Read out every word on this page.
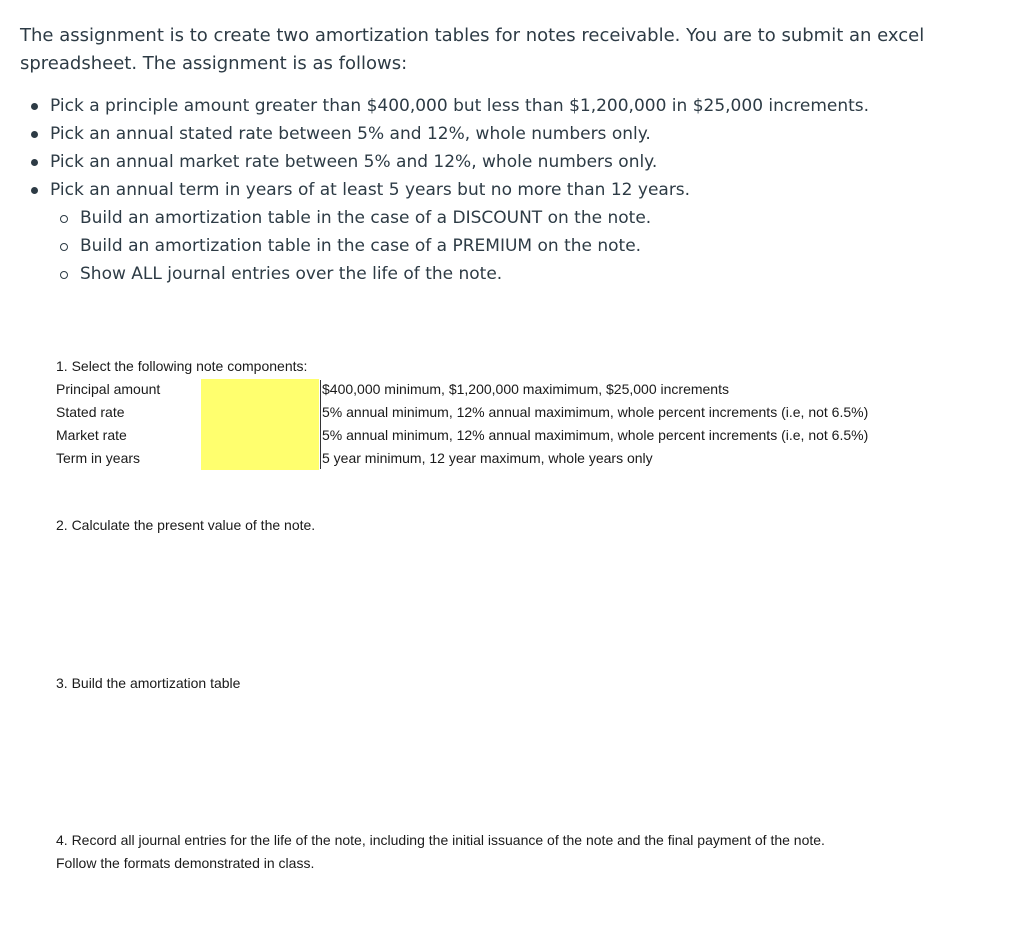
The assignment is to create two amortization tables for notes receivable. You are to submit an excel spreadsheet. The assignment is as follows:

Pick a principle amount greater than $400,000 but less than $1,200,000 in $25,000 increments.
Pick an annual stated rate between 5% and 12%, whole numbers only.
Pick an annual market rate between 5% and 12%, whole numbers only.
Pick an annual term in years of at least 5 years but no more than 12 years.
Build an amortization table in the case of a DISCOUNT on the note.
Build an amortization table in the case of a PREMIUM on the note.
Show ALL journal entries over the life of the note.

1. Select the following note components:

Principal amount
Stated rate
Market rate
Term in years
$400,000 minimum, $1,200,000 maximimum, $25,000 increments
5% annual minimum, 12% annual maximimum, whole percent increments (i.e, not 6.5%)
5% annual minimum, 12% annual maximimum, whole percent increments (i.e, not 6.5%)
5 year minimum, 12 year maximum, whole years only

2. Calculate the present value of the note.

3. Build the amortization table

4. Record all journal entries for the life of the note, including the initial issuance of the note and the final payment of the note.

Follow the formats demonstrated in class.
